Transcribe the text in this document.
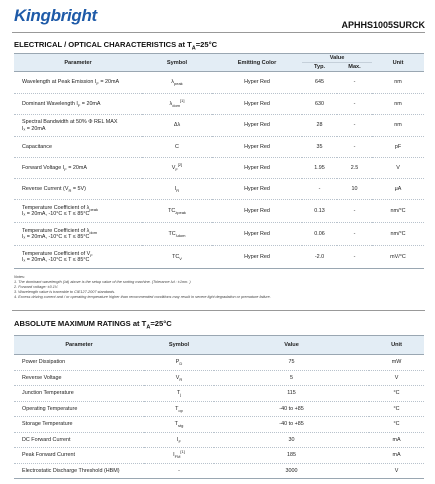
Kingbright	APHHS1005SURCK
ELECTRICAL / OPTICAL CHARACTERISTICS at $T_A=25^\circ C$
Parameter	Symbol	Emitting Color	Value		Unit
			Typ.	Max.	

Wavelength at Peak Emission $I_F = 20mA$	$\lambda_{peak}$	Hyper Red	645	-	nm

Dominant Wavelength $I_F = 20mA$	$\lambda_{dom}[1]$	Hyper Red	630	-	nm

Spectral Bandwidth at 50% Φ REL MAX
Iₓ = 20mA	Δλ	Hyper Red	28	-	nm

Capacitance	C	Hyper Red	35	-	pF

Forward Voltage $I_F = 20mA$	$V_F[2]$	Hyper Red	1.95	2.5	V

Reverse Current $(V_R = 5V)$	$I_R$	Hyper Red	-	10	μA

Temperature Coefficient of $\lambda_{peak}$
Iₓ = 20mA, -10°C ≤ T ≤ 85°C	$TC_{\lambda peak}$	Hyper Red	0.13	-	nm/°C

Temperature Coefficient of $\lambda_{dom}$
Iₓ = 20mA, -10°C ≤ T ≤ 85°C	$TC_{\lambda dom}$	Hyper Red	0.06	-	nm/°C

Temperature Coefficient of $V_F$
Iₓ = 20mA, -10°C ≤ T ≤ 85°C	$TC_V$	Hyper Red	-2.0	-	mV/°C
Notes:
1. The dominant wavelength (λd) above is the setup value of the sorting machine. (Tolerance λd : ±1nm. )
2. Forward voltage: ±0.1V.
3. Wavelength value is traceable to CIE127-2007 standards.
4. Excess driving current and / or operating temperature higher than recommended conditions may result in severe light degradation or premature failure.
ABSOLUTE MAXIMUM RATINGS at $T_A=25^\circ C$
Parameter	Symbol	Value	Unit
Power Dissipation	$P_D$	75	mW
Reverse Voltage	$V_R$	5	V
Junction Temperature	$T_j$	115	°C
Operating Temperature	$T_{op}$	-40 to +85	°C
Storage Temperature	$T_{stg}$	-40 to +85	°C
DC Forward Current	$I_F$	30	mA
Peak Forward Current	$I_{FM}[1]$	185	mA
Electrostatic Discharge Threshold (HBM)	-	3000	V
